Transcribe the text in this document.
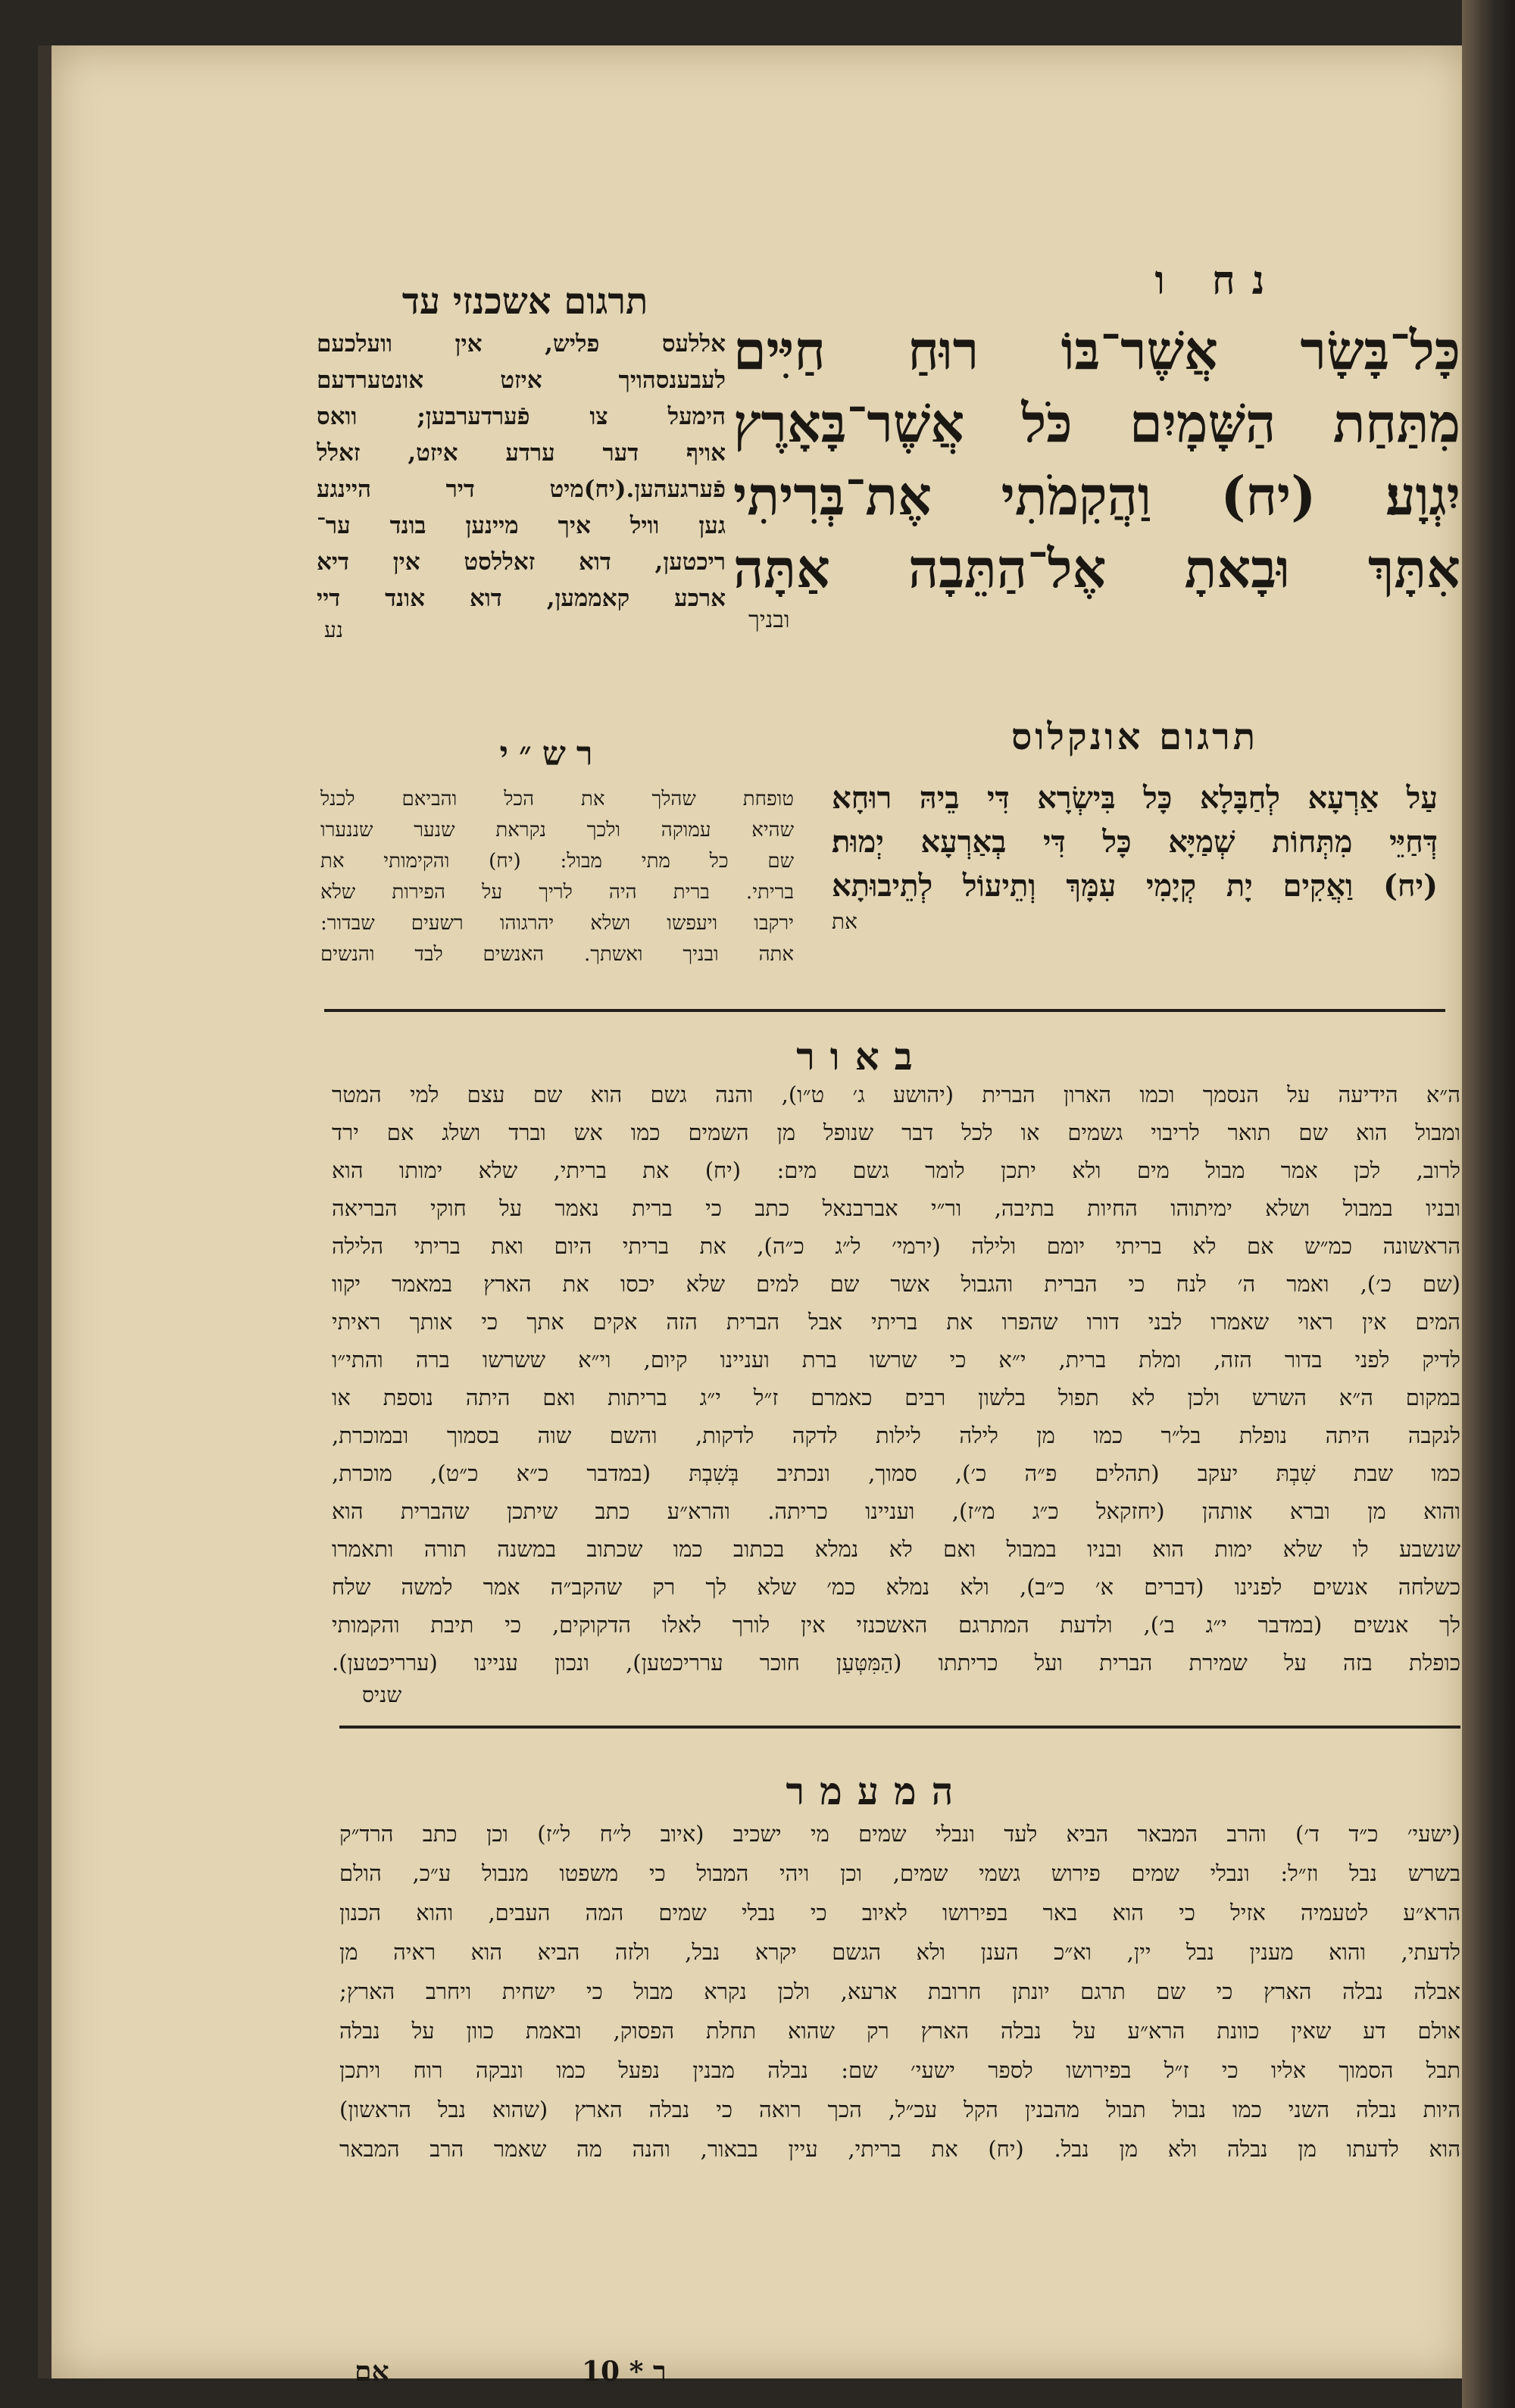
נח ו
כָּל־בָּשָׂר אֲשֶׁר־בּוֹ רוּחַ חַיִּים
מִתַּחַת הַשָּׁמָיִם כֹּל אֲשֶׁר־בָּאָרֶץ
יִגְוָע׃ (יח) וַהֲקִמֹתִי אֶת־בְּרִיתִי
אִתָּךְ וּבָאתָ אֶל־הַתֵּבָה אַתָּה
ובניך
תרגום אשכנזי עד
אללעס פליש, אין וועלכעם
לעבענסהויך איזט אונטערדעם
הימעל צו פֿערדערבען; וואס
אויף דער ערדע איזט, זאלל
פֿערגעהען.(יח)מיט דיר היינגע
גען וויל איך מיינען בונד ער־
ריכטען, דוא זאללסט אין דיא
ארכע קאממען, דוא אונד דיי
נע
תרגום אונקלוס
עַל אַרְעָא לְחַבָּלָא כָּל בִּישְׂרָא דִּי בֵיהּ רוּחָא
דְּחַיֵּי מִתְּחוֹת שְׁמַיָּא כָּל דִּי בְאַרְעָא יְמוּת׃
(יח) וַאֲקִים יָת קְיָמִי עִמָּךְ וְתֵיעוֹל לְתֵיבוּתָא
את
רש״י
טופחת שהלך את הכל והביאם לכנל
שהיא עמוקה ולכך נקראת שנער שננערו
שם כל מתי מבול: (יח) והקימותי את
בריתי. ברית היה לריך על הפירות שלא
ירקבו ויעפשו ושלא יהרגוהו רשעים שבדור:
אתה ובניך ואשתך. האנשים לבד והנשים
באור
ה״א הידיעה על הנסמך וכמו הארון הברית (יהושע ג׳ ט״ו), והנה גשם הוא שם עצם למי המטר
ומבול הוא שם תואר לריבוי גשמים או לכל דבר שנופל מן השמים כמו אש וברד ושלג אם ירד
לרוב, לכן אמר מבול מים ולא יתכן לומר גשם מים: (יח) את בריתי, שלא ימותו הוא
ובניו במבול ושלא ימיתוהו החיות בתיבה, ור״י אברבנאל כתב כי ברית נאמר על חוקי הבריאה
הראשונה כמ״ש אם לא בריתי יומם ולילה (ירמי׳ ל״ג כ״ה), את בריתי היום ואת בריתי הלילה
(שם כ׳), ואמר ה׳ לנח כי הברית והגבול אשר שם למים שלא יכסו את הארץ במאמר יקוו
המים אין ראוי שאמרו לבני דורו שהפרו את בריתי אבל הברית הזה אקים אתך כי אותך ראיתי
לדיק לפני בדור הזה, ומלת ברית, י״א כי שרשו ברת ועניינו קיום, וי״א ששרשו ברה והתי״ו
במקום ה״א השרש ולכן לא תפול בלשון רבים כאמרם ז״ל י״ג בריתות ואם היתה נוספת או
לנקבה היתה נופלת בל״ר כמו מן לילה לילות לדקה לדקות, והשם שוה בסמוך ובמוכרת,
כמו שבת שִׁבְתּ יעקב (תהלים פ״ה כ׳), סמוך, ונכתיב בְּשִׁבְתּ (במדבר כ״א כ״ט), מוכרת,
והוא מן וברא אותהן (יחזקאל כ״ג מ״ז), ועניינו כריתה. והרא״ע כתב שיתכן שהברית הוא
שנשבע לו שלא ימות הוא ובניו במבול ואם לא נמלא בכתוב כמו שכתוב במשנה תורה ותאמרו
כשלחה אנשים לפנינו (דברים א׳ כ״ב), ולא נמלא כמ׳ שלא לך רק שהקב״ה אמר למשה שלח
לך אנשים (במדבר י״ג ב׳), ולדעת המתרגם האשכנזי אין לורך לאלו הדקוקים, כי תיבת והקמותי
כופלת בזה על שמירת הברית ועל כריתתו (הַמִּטְּעַן חוכר ערריכטען), ונכון עניינו (ערריכטען).
שניס
המעמר
(ישעי׳ כ״ד ד׳) והרב המבאר הביא לעד ונבלי שמים מי ישכיב (איוב ל״ח ל״ז) וכן כתב הרד״ק
בשרש נבל וז״ל: ונבלי שמים פירוש גשמי שמים, וכן ויהי המבול כי משפטו מנבול ע״כ, הולם
הרא״ע לטעמיה אזיל כי הוא באר בפירושו לאיוב כי נבלי שמים המה העבים, והוא הכנון
לדעתי, והוא מענין נבל יין, וא״כ הענן ולא הגשם יקרא נבל, ולזה הביא הוא ראיה מן
אבלה נבלה הארץ כי שם תרגם יונתן חרובת ארעא, ולכן נקרא מבול כי ישחית ויחרב הארץ;
אולם דע שאין כוונת הרא״ע על נבלה הארץ רק שהוא תחלת הפסוק, ובאמת כוון על נבלה
תבל הסמוך אליו כי ז״ל בפירושו לספר ישעי׳ שם: נבלה מבנין נפעל כמו ונבקה רוח ויתכן
היות נבלה השני כמו נבול תבול מהבנין הקל עכ״ל, הכך רואה כי נבלה הארץ (שהוא נבל הראשון)
הוא לדעתו מן נבלה ולא מן נבל. (יח) את בריתי, עיין בבאור, והנה מה שאמר הרב המבאר
אם	ר * 10
